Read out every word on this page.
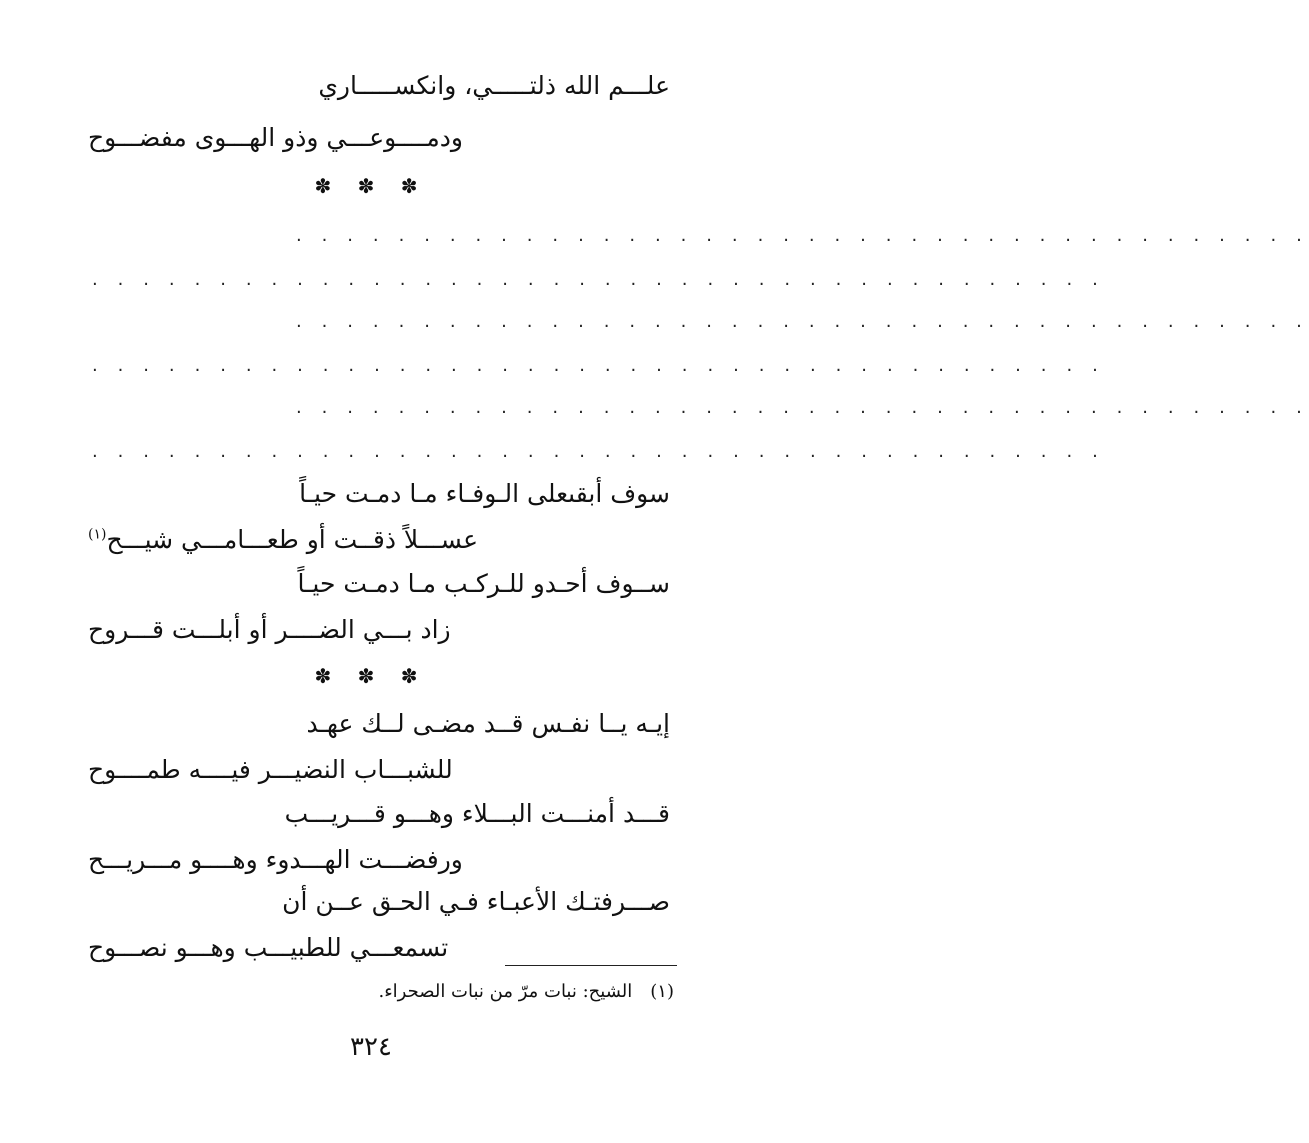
علـــم الله ذلتـــــي، وانكســـــاري
ودمــــوعـــي وذو الهـــوى مفضـــوح
✽ ✽ ✽
. . . . . . . . . . . . . . . . . . . . . . . . . . . . . . . . . . . . . . . .
. . . . . . . . . . . . . . . . . . . . . . . . . . . . . . . . . . . . . . . .
. . . . . . . . . . . . . . . . . . . . . . . . . . . . . . . . . . . . . . . .
. . . . . . . . . . . . . . . . . . . . . . . . . . . . . . . . . . . . . . . .
. . . . . . . . . . . . . . . . . . . . . . . . . . . . . . . . . . . . . . . .
. . . . . . . . . . . . . . . . . . . . . . . . . . . . . . . . . . . . . . . .
سوف أبقىعلى الـوفـاء مـا دمـت حيـاً
عســـلاً ذقــت أو طعـــامـــي شيـــح$^{(١)}$
ســوف أحـدو للـركـب مـا دمـت حيـاً
زاد بـــي الضــــر أو أبلـــت قـــروح
✽ ✽ ✽
إيـه يــا نفـس قــد مضـى لــك عهـد
للشبـــاب النضيـــر فيــــه طمــــوح
قـــد أمنـــت البـــلاء وهـــو قـــريـــب
ورفضـــت الهـــدوء وهــــو مـــريـــح
صـــرفتـك الأعبـاء فـي الحـق عــن أن
تسمعـــي للطبيـــب وهـــو نصـــوح
(١)الشيح: نبات مرّ من نبات الصحراء.
٣٢٤
